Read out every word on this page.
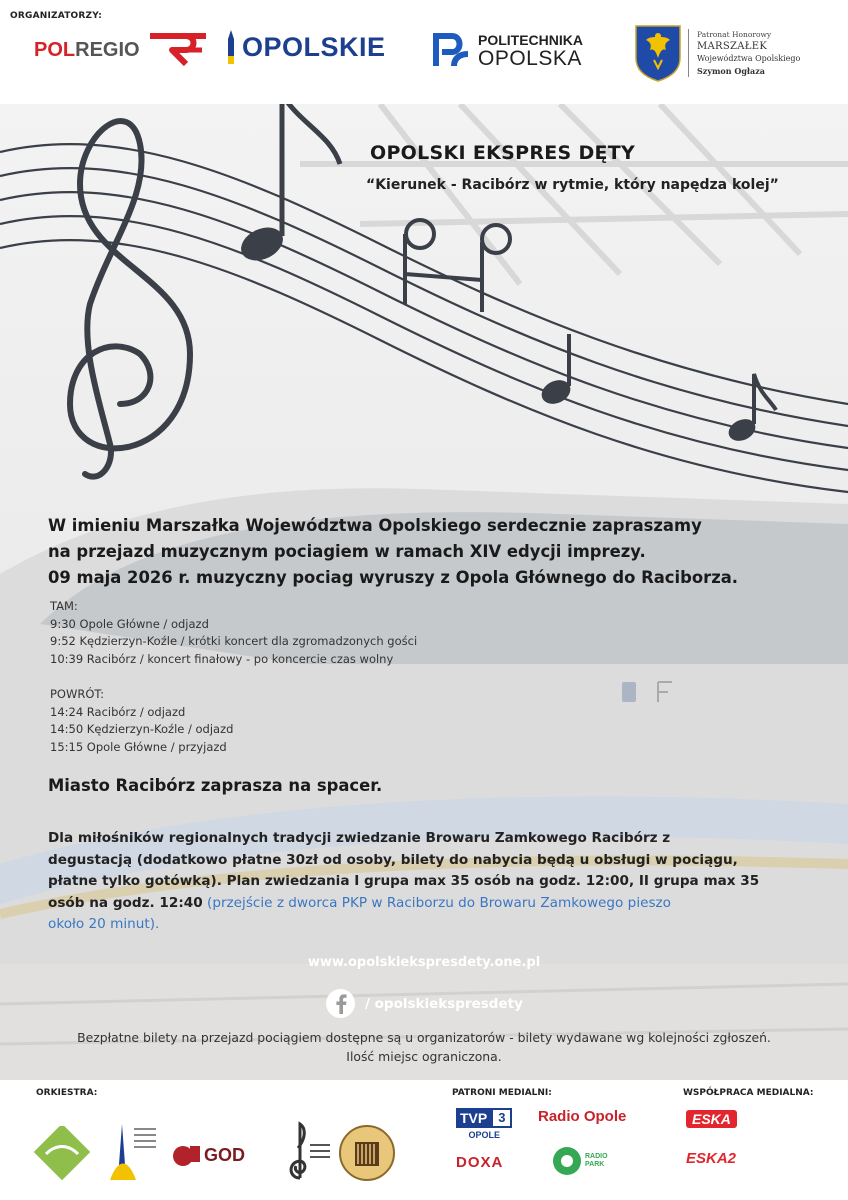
ORGANIZATORZY:
POL REGIO	OPOLSKIE	POLITECHNIKA
OPOLSKA
Patronat Honorowy
MARSZAŁEK
Województwa Opolskiego
Szymon Ogłaza
OPOLSKI EKSPRES DĘTY
“Kierunek - Racibórz w rytmie, który napędza kolej”
W imieniu Marszałka Województwa Opolskiego serdecznie zapraszamy
na przejazd muzycznym pociagiem w ramach XIV edycji imprezy.
09 maja 2026 r. muzyczny pociag wyruszy z Opola Głównego do Raciborza.
TAM:
9:30 Opole Główne / odjazd
9:52 Kędzierzyn-Koźle / krótki koncert dla zgromadzonych gości
10:39 Racibórz / koncert finałowy - po koncercie czas wolny
POWRÓT:
14:24 Racibórz / odjazd
14:50 Kędzierzyn-Koźle / odjazd
15:15 Opole Główne / przyjazd
Miasto Racibórz zaprasza na spacer.
Dla miłośników regionalnych tradycji zwiedzanie Browaru Zamkowego Racibórz z
degustacją (dodatkowo płatne 30zł od osoby, bilety do nabycia będą u obsługi w pociągu,
płatne tylko gotówką). Plan zwiedzania I grupa max 35 osób na godz. 12:00, II grupa max 35
osób na godz. 12:40 (przejście z dworca PKP w Raciborzu do Browaru Zamkowego pieszo
około 20 minut).
www.opolskiekspresdety.one.pl
/ opolskiekspresdety
Bezpłatne bilety na przejazd pociągiem dostępne są u organizatorów - bilety wydawane wg kolejności zgłoszeń.
Ilość miejsc ograniczona.
ORKIESTRA:	PATRONI MEDIALNI:	WSPÓŁPRACA MEDIALNA:
GOD
TVP 3
OPOLE
Radio Opole
DOXA	RADIO
PARK
ESKA
ESKA2
